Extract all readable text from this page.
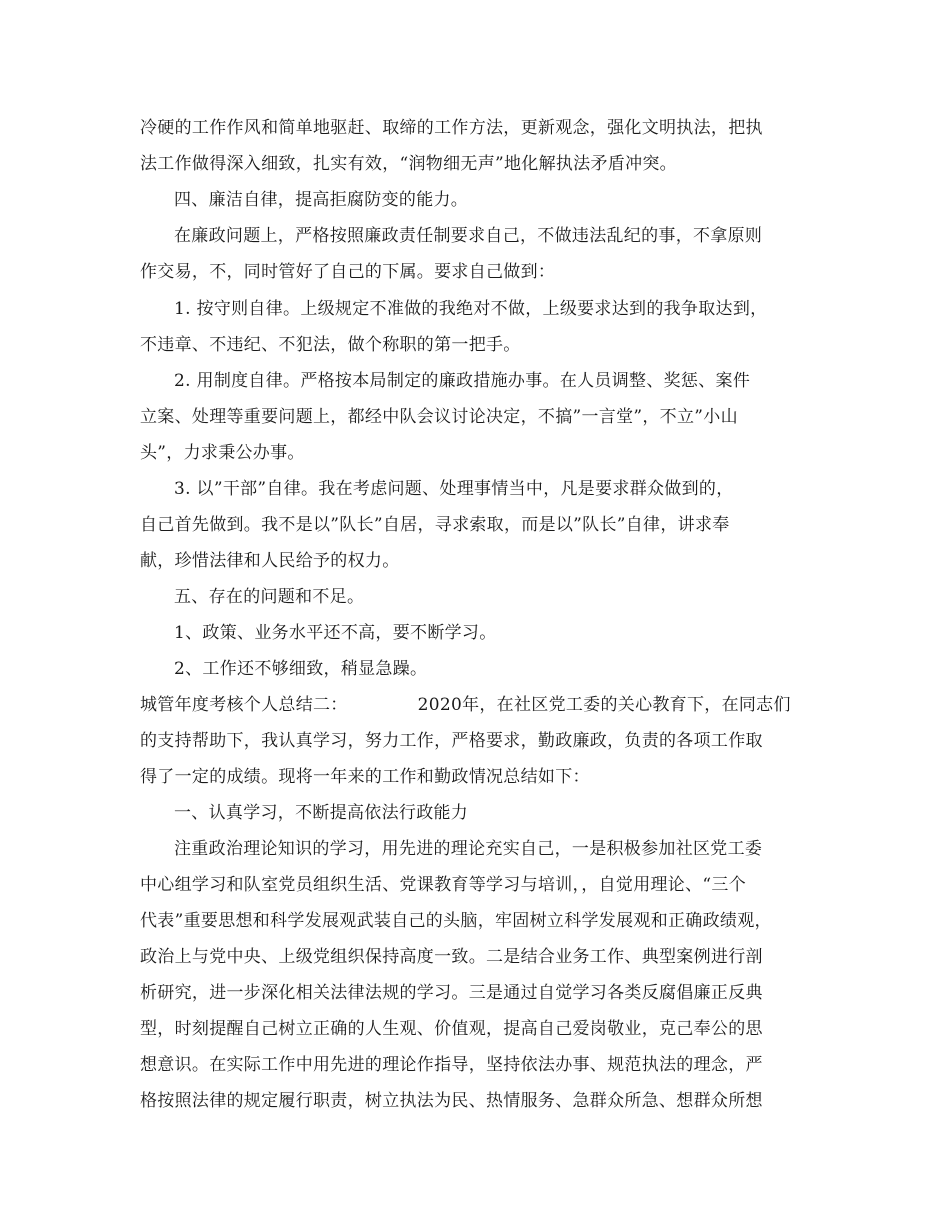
冷硬的工作作风和简单地驱赶、取缔的工作方法，更新观念，强化文明执法，把执
法工作做得深入细致，扎实有效，“润物细无声”地化解执法矛盾冲突。
四、廉洁自律，提高拒腐防变的能力。
在廉政问题上，严格按照廉政责任制要求自己，不做违法乱纪的事，不拿原则
作交易，不，同时管好了自己的下属。要求自己做到：
1. 按守则自律。上级规定不准做的我绝对不做，上级要求达到的我争取达到，
不违章、不违纪、不犯法，做个称职的第一把手。
2. 用制度自律。严格按本局制定的廉政措施办事。在人员调整、奖惩、案件
立案、处理等重要问题上，都经中队会议讨论决定，不搞”一言堂”，不立”小山
头”，力求秉公办事。
3. 以”干部”自律。我在考虑问题、处理事情当中，凡是要求群众做到的，
自己首先做到。我不是以”队长”自居，寻求索取，而是以”队长”自律，讲求奉
献，珍惜法律和人民给予的权力。
五、存在的问题和不足。
1、政策、业务水平还不高，要不断学习。
2、工作还不够细致，稍显急躁。
城管年度考核个人总结二：	2020年，在社区党工委的关心教育下，在同志们
的支持帮助下，我认真学习，努力工作，严格要求，勤政廉政，负责的各项工作取
得了一定的成绩。现将一年来的工作和勤政情况总结如下：
一、认真学习，不断提高依法行政能力
注重政治理论知识的学习，用先进的理论充实自己，一是积极参加社区党工委
中心组学习和队室党员组织生活、党课教育等学习与培训，，自觉用理论、“三个
代表”重要思想和科学发展观武装自己的头脑，牢固树立科学发展观和正确政绩观，
政治上与党中央、上级党组织保持高度一致。二是结合业务工作、典型案例进行剖
析研究，进一步深化相关法律法规的学习。三是通过自觉学习各类反腐倡廉正反典
型，时刻提醒自己树立正确的人生观、价值观，提高自己爱岗敬业，克己奉公的思
想意识。在实际工作中用先进的理论作指导，坚持依法办事、规范执法的理念，严
格按照法律的规定履行职责，树立执法为民、热情服务、急群众所急、想群众所想
